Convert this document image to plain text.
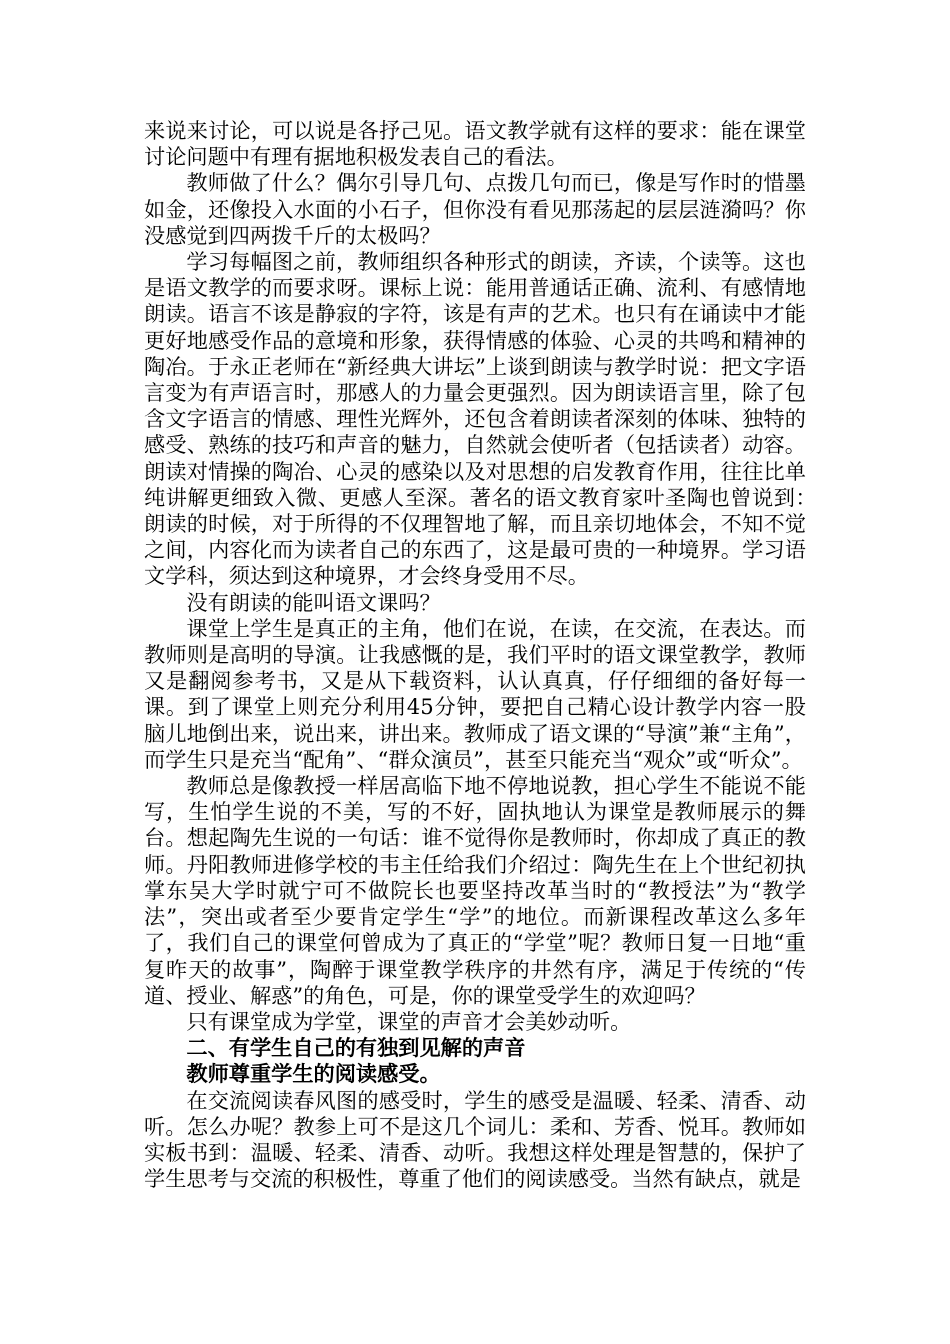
来说来讨论，可以说是各抒己见。语文教学就有这样的要求：能在课堂讨论问题中有理有据地积极发表自己的看法。

教师做了什么？偶尔引导几句、点拨几句而已，像是写作时的惜墨如金，还像投入水面的小石子，但你没有看见那荡起的层层涟漪吗？你没感觉到四两拨千斤的太极吗？

学习每幅图之前，教师组织各种形式的朗读，齐读，个读等。这也是语文教学的而要求呀。课标上说：能用普通话正确、流利、有感情地朗读。语言不该是静寂的字符，该是有声的艺术。也只有在诵读中才能更好地感受作品的意境和形象，获得情感的体验、心灵的共鸣和精神的陶冶。于永正老师在“新经典大讲坛”上谈到朗读与教学时说：把文字语言变为有声语言时，那感人的力量会更强烈。因为朗读语言里，除了包含文字语言的情感、理性光辉外，还包含着朗读者深刻的体味、独特的感受、熟练的技巧和声音的魅力，自然就会使听者（包括读者）动容。朗读对情操的陶冶、心灵的感染以及对思想的启发教育作用，往往比单纯讲解更细致入微、更感人至深。著名的语文教育家叶圣陶也曾说到：　　朗读的时候，对于所得的不仅理智地了解，而且亲切地体会，不知不觉之间，内容化而为读者自己的东西了，这是最可贵的一种境界。学习语文学科，须达到这种境界，才会终身受用不尽。

没有朗读的能叫语文课吗？

课堂上学生是真正的主角，他们在说，在读，在交流，在表达。而教师则是高明的导演。让我感慨的是，我们平时的语文课堂教学，教师又是翻阅参考书，又是从下载资料，认认真真，仔仔细细的备好每一课。到了课堂上则充分利用45分钟，要把自己精心设计教学内容一股脑儿地倒出来，说出来，讲出来。教师成了语文课的“导演”兼“主角”，而学生只是充当“配角”、“群众演员”，甚至只能充当“观众”或“听众”。

教师总是像教授一样居高临下地不停地说教，担心学生不能说不能写，生怕学生说的不美，写的不好，固执地认为课堂是教师展示的舞台。想起陶先生说的一句话：谁不觉得你是教师时，你却成了真正的教师。丹阳教师进修学校的韦主任给我们介绍过：陶先生在上个世纪初执掌东吴大学时就宁可不做院长也要坚持改革当时的“教授法”为“教学法”，突出或者至少要肯定学生“学”的地位。而新课程改革这么多年了，我们自己的课堂何曾成为了真正的“学堂”呢？教师日复一日地“重复昨天的故事”，陶醉于课堂教学秩序的井然有序，满足于传统的“传道、授业、解惑”的角色，可是，你的课堂受学生的欢迎吗？

只有课堂成为学堂，课堂的声音才会美妙动听。

二、有学生自己的有独到见解的声音

教师尊重学生的阅读感受。

在交流阅读春风图的感受时，学生的感受是温暖、轻柔、清香、动听。怎么办呢？教参上可不是这几个词儿：柔和、芳香、悦耳。教师如实板书到：温暖、轻柔、清香、动听。我想这样处理是智慧的，保护了学生思考与交流的积极性，尊重了他们的阅读感受。当然有缺点，就是
